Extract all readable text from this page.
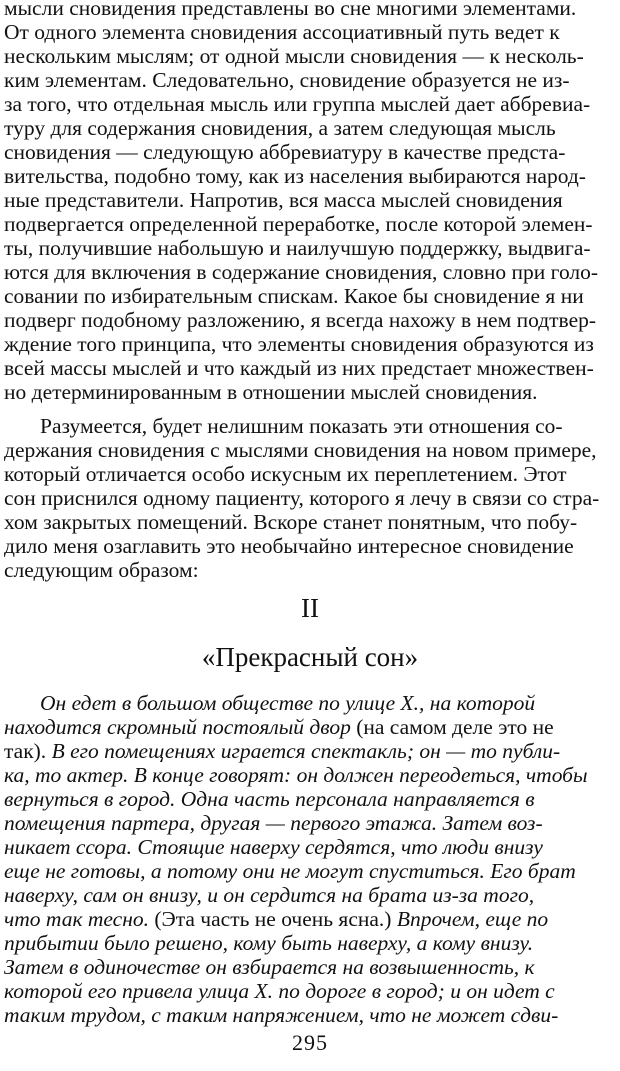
мысли сновидения представлены во сне многими элементами.
От одного элемента сновидения ассоциативный путь ведет к
нескольким мыслям; от одной мысли сновидения — к несколь-
ким элементам. Следовательно, сновидение образуется не из-
за того, что отдельная мысль или группа мыслей дает аббревиа-
туру для содержания сновидения, а затем следующая мысль
сновидения — следующую аббревиатуру в качестве предста-
вительства, подобно тому, как из населения выбираются народ-
ные представители. Напротив, вся масса мыслей сновидения
подвергается определенной переработке, после которой элемен-
ты, получившие набольшую и наилучшую поддержку, выдвига-
ются для включения в содержание сновидения, словно при голо-
совании по избирательным спискам. Какое бы сновидение я ни
подверг подобному разложению, я всегда нахожу в нем подтвер-
ждение того принципа, что элементы сновидения образуются из
всей массы мыслей и что каждый из них предстает множествен-
но детерминированным в отношении мыслей сновидения.
Разумеется, будет нелишним показать эти отношения со-
держания сновидения с мыслями сновидения на новом примере,
который отличается особо искусным их переплетением. Этот
сон приснился одному пациенту, которого я лечу в связи со стра-
хом закрытых помещений. Вскоре станет понятным, что побу-
дило меня озаглавить это необычайно интересное сновидение
следующим образом:
II
«Прекрасный сон»
Он едет в большом обществе по улице X., на которой
находится скромный постоялый двор (на самом деле это не
так). В его помещениях играется спектакль; он — то публи-
ка, то актер. В конце говорят: он должен переодеться, чтобы
вернуться в город. Одна часть персонала направляется в
помещения партера, другая — первого этажа. Затем воз-
никает ссора. Стоящие наверху сердятся, что люди внизу
еще не готовы, а потому они не могут спуститься. Его брат
наверху, сам он внизу, и он сердится на брата из-за того,
что так тесно. (Эта часть не очень ясна.) Впрочем, еще по
прибытии было решено, кому быть наверху, а кому внизу.
Затем в одиночестве он взбирается на возвышенность, к
которой его привела улица X. по дороге в город; и он идет с
таким трудом, с таким напряжением, что не может сдви-
295
